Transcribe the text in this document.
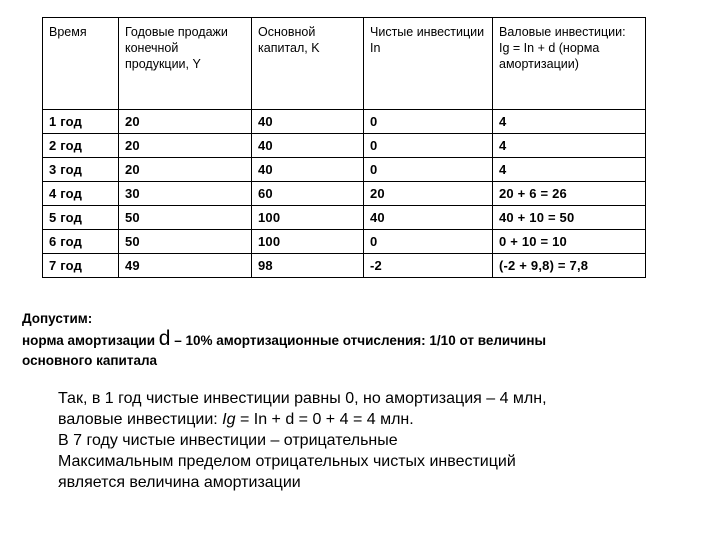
Время	Годовые продажи конечной продукции, Y	Основной капитал, K	Чистые инвестиции In	Валовые инвестиции: Ig = In + d (норма амортизации)
1 год	20	40	0	4
2 год	20	40	0	4
3 год	20	40	0	4
4 год	30	60	20	20 + 6 = 26
5 год	50	100	40	40 + 10 = 50
6 год	50	100	0	0 + 10 = 10
7 год	49	98	-2	(-2 + 9,8) = 7,8
Допустим:
норма амортизации d – 10% амортизационные отчисления: 1/10 от величины
основного капитала
Так, в 1 год чистые инвестиции равны 0, но амортизация – 4 млн,
валовые инвестиции: Ig = In + d = 0 + 4 = 4 млн.
В 7 году чистые инвестиции – отрицательные
Максимальным пределом отрицательных чистых инвестиций
является величина амортизации
